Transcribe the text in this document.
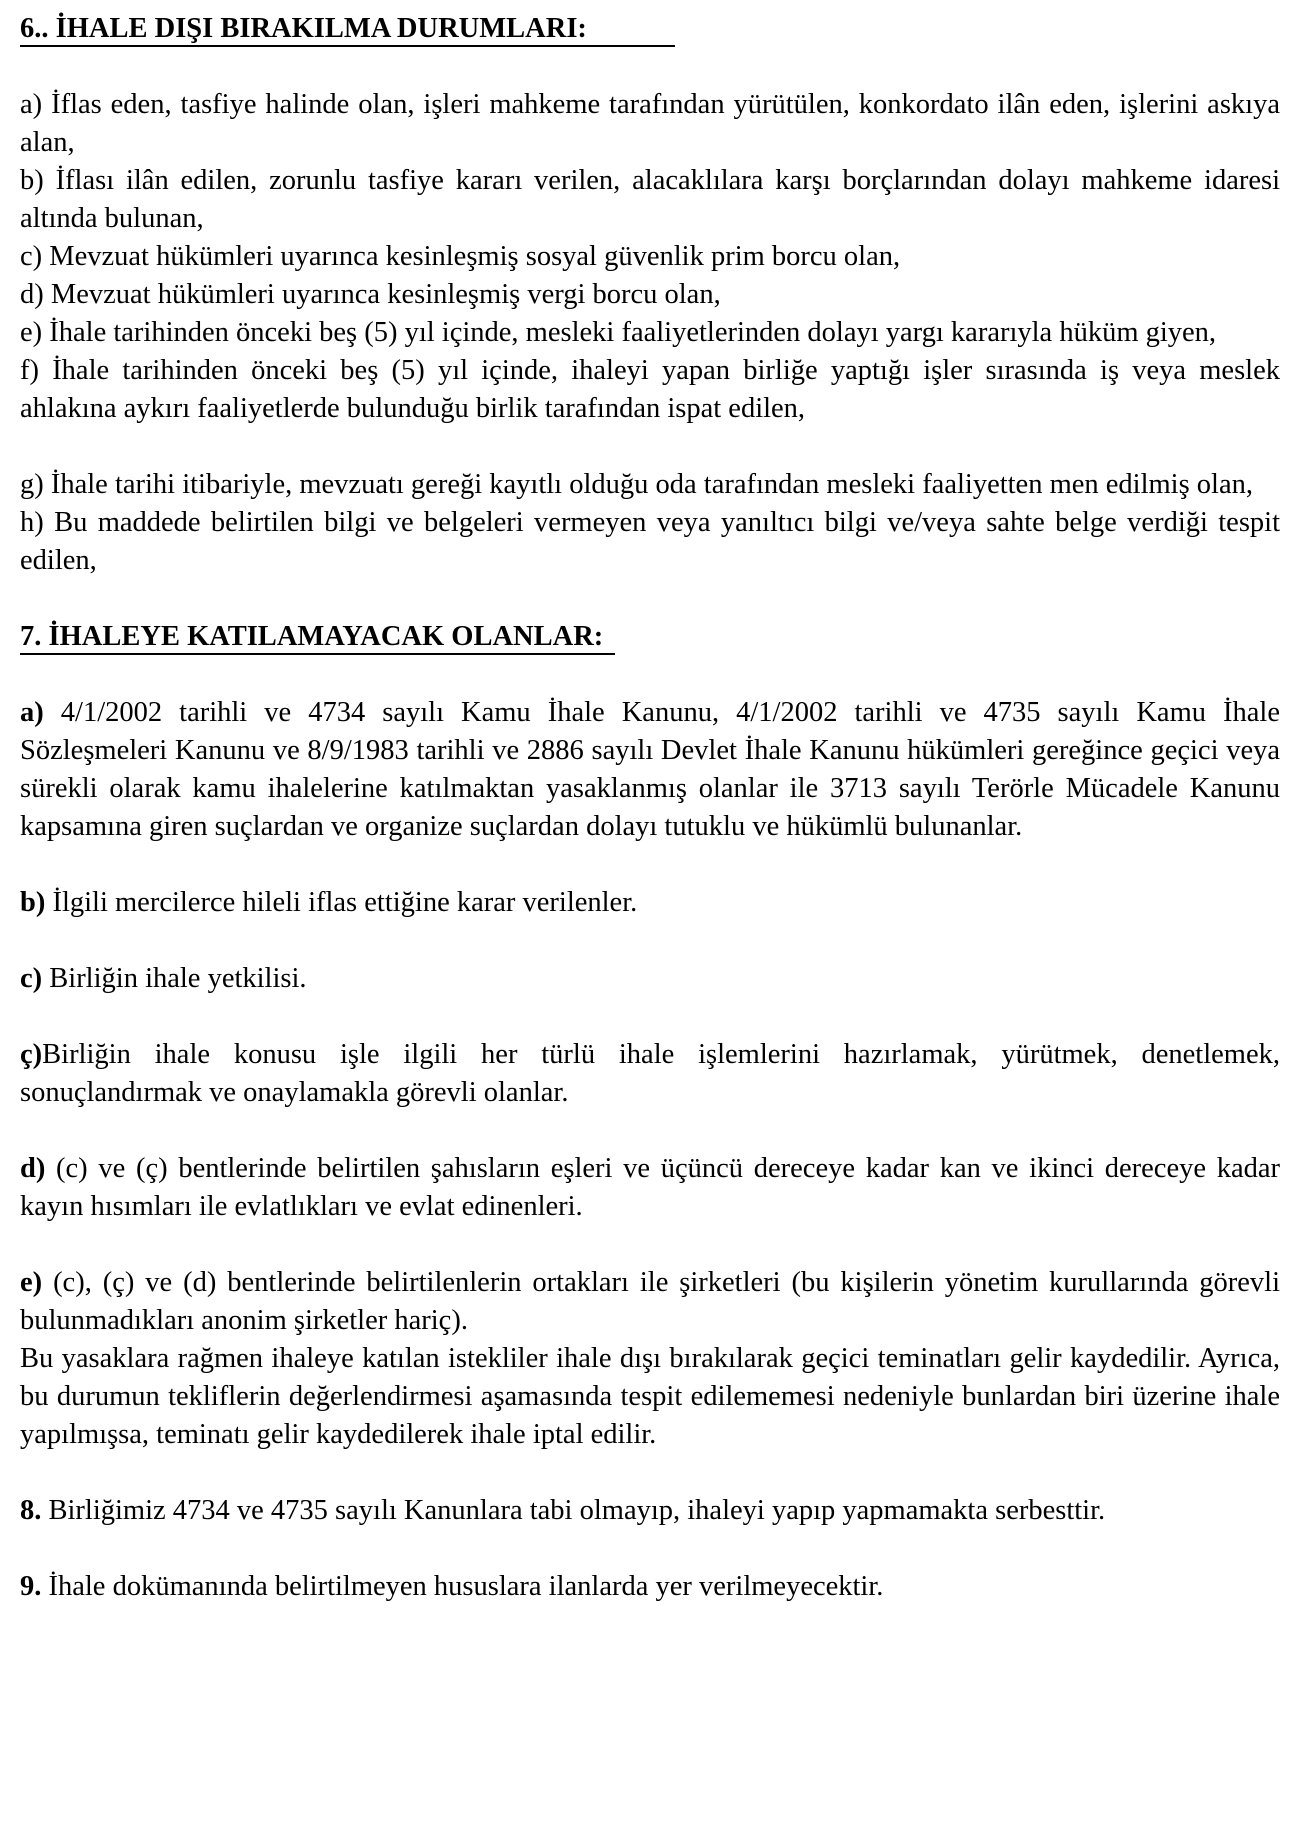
6.. İHALE DIŞI BIRAKILMA DURUMLARI:

a) İflas eden, tasfiye halinde olan, işleri mahkeme tarafından yürütülen, konkordato ilân eden, işlerini askıya alan,

b) İflası ilân edilen, zorunlu tasfiye kararı verilen, alacaklılara karşı borçlarından dolayı mahkeme idaresi altında bulunan,

c) Mevzuat hükümleri uyarınca kesinleşmiş sosyal güvenlik prim borcu olan,

d) Mevzuat hükümleri uyarınca kesinleşmiş vergi borcu olan,

e) İhale tarihinden önceki beş (5) yıl içinde, mesleki faaliyetlerinden dolayı yargı kararıyla hüküm giyen,

f) İhale tarihinden önceki beş (5) yıl içinde, ihaleyi yapan birliğe yaptığı işler sırasında iş veya meslek ahlakına aykırı faaliyetlerde bulunduğu birlik tarafından ispat edilen,

g) İhale tarihi itibariyle, mevzuatı gereği kayıtlı olduğu oda tarafından mesleki faaliyetten men edilmiş olan,

h) Bu maddede belirtilen bilgi ve belgeleri vermeyen veya yanıltıcı bilgi ve/veya sahte belge verdiği tespit edilen,

7. İHALEYE KATILAMAYACAK OLANLAR:

a) 4/1/2002 tarihli ve 4734 sayılı Kamu İhale Kanunu, 4/1/2002 tarihli ve 4735 sayılı Kamu İhale Sözleşmeleri Kanunu ve 8/9/1983 tarihli ve 2886 sayılı Devlet İhale Kanunu hükümleri gereğince geçici veya sürekli olarak kamu ihalelerine katılmaktan yasaklanmış olanlar ile 3713 sayılı Terörle Mücadele Kanunu kapsamına giren suçlardan ve organize suçlardan dolayı tutuklu ve hükümlü bulunanlar.

b) İlgili mercilerce hileli iflas ettiğine karar verilenler.

c) Birliğin ihale yetkilisi.

ç)Birliğin ihale konusu işle ilgili her türlü ihale işlemlerini hazırlamak, yürütmek, denetlemek, sonuçlandırmak ve onaylamakla görevli olanlar.

d) (c) ve (ç) bentlerinde belirtilen şahısların eşleri ve üçüncü dereceye kadar kan ve ikinci dereceye kadar kayın hısımları ile evlatlıkları ve evlat edinenleri.

e) (c), (ç) ve (d) bentlerinde belirtilenlerin ortakları ile şirketleri (bu kişilerin yönetim kurullarında görevli bulunmadıkları anonim şirketler hariç).

Bu yasaklara rağmen ihaleye katılan istekliler ihale dışı bırakılarak geçici teminatları gelir kaydedilir. Ayrıca, bu durumun tekliflerin değerlendirmesi aşamasında tespit edilememesi nedeniyle bunlardan biri üzerine ihale yapılmışsa, teminatı gelir kaydedilerek ihale iptal edilir.

8. Birliğimiz 4734 ve 4735 sayılı Kanunlara tabi olmayıp, ihaleyi yapıp yapmamakta serbesttir.

9. İhale dokümanında belirtilmeyen hususlara ilanlarda yer verilmeyecektir.
